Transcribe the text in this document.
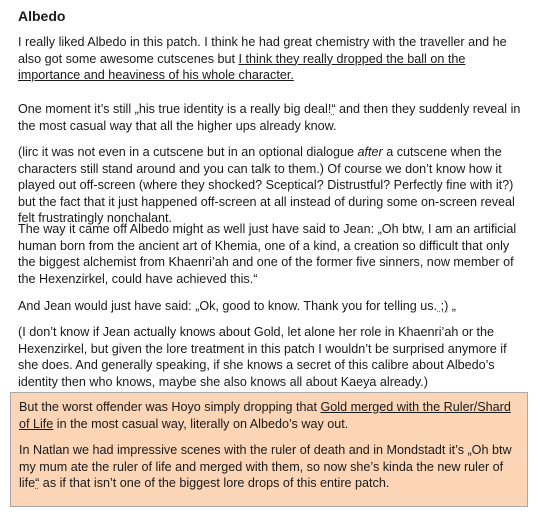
Albedo

I really liked Albedo in this patch. I think he had great chemistry with the traveller and he also got some awesome cutscenes but I think they really dropped the ball on the importance and heaviness of his whole character.

One moment it’s still „his true identity is a really big deal!“ and then they suddenly reveal in the most casual way that all the higher ups already know.

(lirc it was not even in a cutscene but in an optional dialogue after a cutscene when the characters still stand around and you can talk to them.) Of course we don’t know how it played out off-screen (where they shocked? Sceptical? Distrustful? Perfectly fine with it?) but the fact that it just happened off-screen at all instead of during some on-screen reveal felt frustratingly nonchalant.

The way it came off Albedo might as well just have said to Jean: „Oh btw, I am an artificial human born from the ancient art of Khemia, one of a kind, a creation so difficult that only the biggest alchemist from Khaenri’ah and one of the former five sinners, now member of the Hexenzirkel, could have achieved this.“

And Jean would just have said: „Ok, good to know. Thank you for telling us. ;) „

(I don’t know if Jean actually knows about Gold, let alone her role in Khaenri’ah or the Hexenzirkel, but given the lore treatment in this patch I wouldn’t be surprised anymore if she does. And generally speaking, if she knows a secret of this calibre about Albedo’s identity then who knows, maybe she also knows all about Kaeya already.)

But the worst offender was Hoyo simply dropping that Gold merged with the Ruler/Shard of Life in the most casual way, literally on Albedo’s way out.

In Natlan we had impressive scenes with the ruler of death and in Mondstadt it’s „Oh btw my mum ate the ruler of life and merged with them, so now she’s kinda the new ruler of life“ as if that isn’t one of the biggest lore drops of this entire patch.
